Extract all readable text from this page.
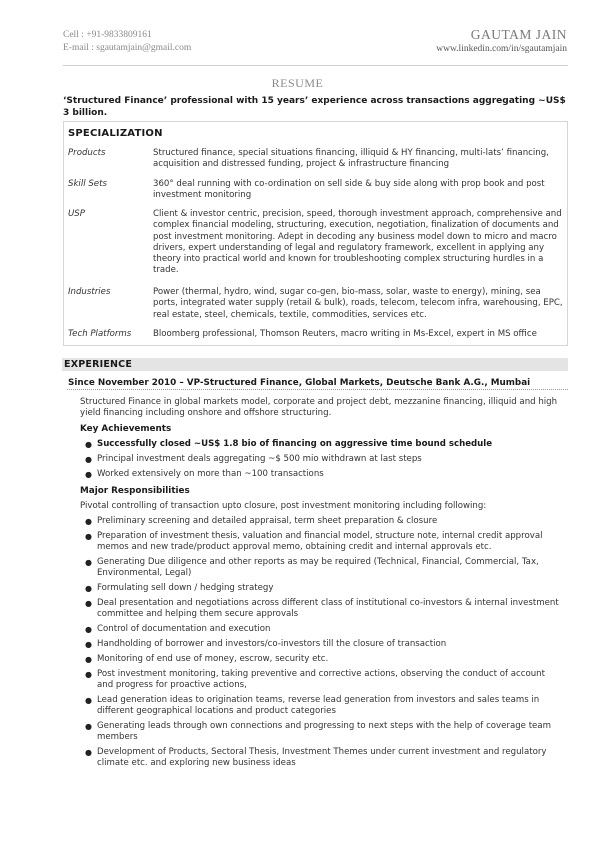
Cell : +91-9833809161
E-mail : sgautamjain@gmail.com
GAUTAM JAIN
www.linkedin.com/in/sgautamjain
RESUME
‘Structured Finance’ professional with 15 years’ experience across transactions aggregating ~US$ 3 billion.
SPECIALIZATION
Products	Structured finance, special situations financing, illiquid & HY financing, multi-lats’ financing, acquisition and distressed funding, project & infrastructure financing
Skill Sets	360° deal running with co-ordination on sell side & buy side along with prop book and post investment monitoring
USP	Client & investor centric, precision, speed, thorough investment approach, comprehensive and complex financial modeling, structuring, execution, negotiation, finalization of documents and post investment monitoring. Adept in decoding any business model down to micro and macro drivers, expert understanding of legal and regulatory framework, excellent in applying any theory into practical world and known for troubleshooting complex structuring hurdles in a trade.
Industries	Power (thermal, hydro, wind, sugar co-gen, bio-mass, solar, waste to energy), mining, sea ports, integrated water supply (retail & bulk), roads, telecom, telecom infra, warehousing, EPC, real estate, steel, chemicals, textile, commodities, services etc.
Tech Platforms	Bloomberg professional, Thomson Reuters, macro writing in Ms-Excel, expert in MS office
EXPERIENCE
Since November 2010 – VP-Structured Finance, Global Markets, Deutsche Bank A.G., Mumbai
Structured Finance in global markets model, corporate and project debt, mezzanine financing, illiquid and high yield financing including onshore and offshore structuring.
Key Achievements
● Successfully closed ~US$ 1.8 bio of financing on aggressive time bound schedule
● Principal investment deals aggregating ~$ 500 mio withdrawn at last steps
● Worked extensively on more than ~100 transactions
Major Responsibilities
Pivotal controlling of transaction upto closure, post investment monitoring including following:
● Preliminary screening and detailed appraisal, term sheet preparation & closure
● Preparation of investment thesis, valuation and financial model, structure note, internal credit approval memos and new trade/product approval memo, obtaining credit and internal approvals etc.
● Generating Due diligence and other reports as may be required (Technical, Financial, Commercial, Tax, Environmental, Legal)
● Formulating sell down / hedging strategy
● Deal presentation and negotiations across different class of institutional co-investors & internal investment committee and helping them secure approvals
● Control of documentation and execution
● Handholding of borrower and investors/co-investors till the closure of transaction
● Monitoring of end use of money, escrow, security etc.
● Post investment monitoring, taking preventive and corrective actions, observing the conduct of account and progress for proactive actions,
● Lead generation ideas to origination teams, reverse lead generation from investors and sales teams in different geographical locations and product categories
● Generating leads through own connections and progressing to next steps with the help of coverage team members
● Development of Products, Sectoral Thesis, Investment Themes under current investment and regulatory climate etc. and exploring new business ideas
